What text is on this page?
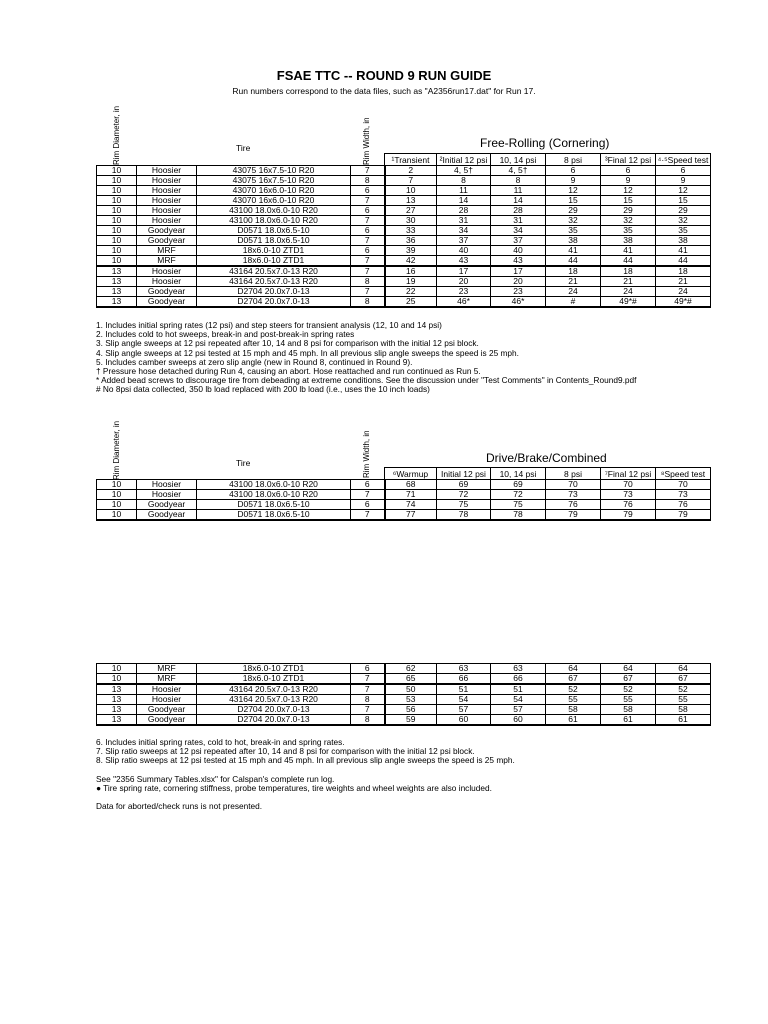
FSAE TTC -- ROUND 9 RUN GUIDE
Run numbers correspond to the data files, such as "A2356run17.dat" for Run 17.
Rim Diameter, in	Tire	Rim Width, in	Free-Rolling (Cornering)
¹Transient	²Initial 12 psi	10, 14 psi	8 psi	³Final 12 psi	⁴·⁵Speed test
10	Hoosier	43075 16x7.5-10 R20	7	2	4, 5†	4, 5†	6	6	6
10	Hoosier	43075 16x7.5-10 R20	8	7	8	8	9	9	9
10	Hoosier	43070 16x6.0-10 R20	6	10	11	11	12	12	12
10	Hoosier	43070 16x6.0-10 R20	7	13	14	14	15	15	15
10	Hoosier	43100 18.0x6.0-10 R20	6	27	28	28	29	29	29
10	Hoosier	43100 18.0x6.0-10 R20	7	30	31	31	32	32	32
10	Goodyear	D0571 18.0x6.5-10	6	33	34	34	35	35	35
10	Goodyear	D0571 18.0x6.5-10	7	36	37	37	38	38	38
10	MRF	18x6.0-10 ZTD1	6	39	40	40	41	41	41
10	MRF	18x6.0-10 ZTD1	7	42	43	43	44	44	44
13	Hoosier	43164 20.5x7.0-13 R20	7	16	17	17	18	18	18
13	Hoosier	43164 20.5x7.0-13 R20	8	19	20	20	21	21	21
13	Goodyear	D2704 20.0x7.0-13	7	22	23	23	24	24	24
13	Goodyear	D2704 20.0x7.0-13	8	25	46*	46*	#	49*#	49*#
1. Includes initial spring rates (12 psi) and step steers for transient analysis (12, 10 and 14 psi)
2. Includes cold to hot sweeps, break-in and post-break-in spring rates
3. Slip angle sweeps at 12 psi repeated after 10, 14 and 8 psi for comparison with the initial 12 psi block.
4. Slip angle sweeps at 12 psi tested at 15 mph and 45 mph. In all previous slip angle sweeps the speed is 25 mph.
5. Includes camber sweeps at zero slip angle (new in Round 8, continued in Round 9).
† Pressure hose detached during Run 4, causing an abort. Hose reattached and run continued as Run 5.
* Added bead screws to discourage tire from debeading at extreme conditions. See the discussion under "Test Comments" in Contents_Round9.pdf
# No 8psi data collected, 350 lb load replaced with 200 lb load (i.e., uses the 10 inch loads)
Rim Diameter, in	Tire	Rim Width, in	Drive/Brake/Combined
⁶Warmup	Initial 12 psi	10, 14 psi	8 psi	⁷Final 12 psi	⁸Speed test
10	Hoosier	43100 18.0x6.0-10 R20	6	68	69	69	70	70	70
10	Hoosier	43100 18.0x6.0-10 R20	7	71	72	72	73	73	73
10	Goodyear	D0571 18.0x6.5-10	6	74	75	75	76	76	76
10	Goodyear	D0571 18.0x6.5-10	7	77	78	78	79	79	79
10	MRF	18x6.0-10 ZTD1	6	62	63	63	64	64	64
10	MRF	18x6.0-10 ZTD1	7	65	66	66	67	67	67
13	Hoosier	43164 20.5x7.0-13 R20	7	50	51	51	52	52	52
13	Hoosier	43164 20.5x7.0-13 R20	8	53	54	54	55	55	55
13	Goodyear	D2704 20.0x7.0-13	7	56	57	57	58	58	58
13	Goodyear	D2704 20.0x7.0-13	8	59	60	60	61	61	61
6. Includes initial spring rates, cold to hot, break-in and spring rates.
7. Slip ratio sweeps at 12 psi repeated after 10, 14 and 8 psi for comparison with the initial 12 psi block.
8. Slip ratio sweeps at 12 psi tested at 15 mph and 45 mph. In all previous slip angle sweeps the speed is 25 mph.
See "2356 Summary Tables.xlsx" for Calspan's complete run log.
● Tire spring rate, cornering stiffness, probe temperatures, tire weights and wheel weights are also included.
Data for aborted/check runs is not presented.
